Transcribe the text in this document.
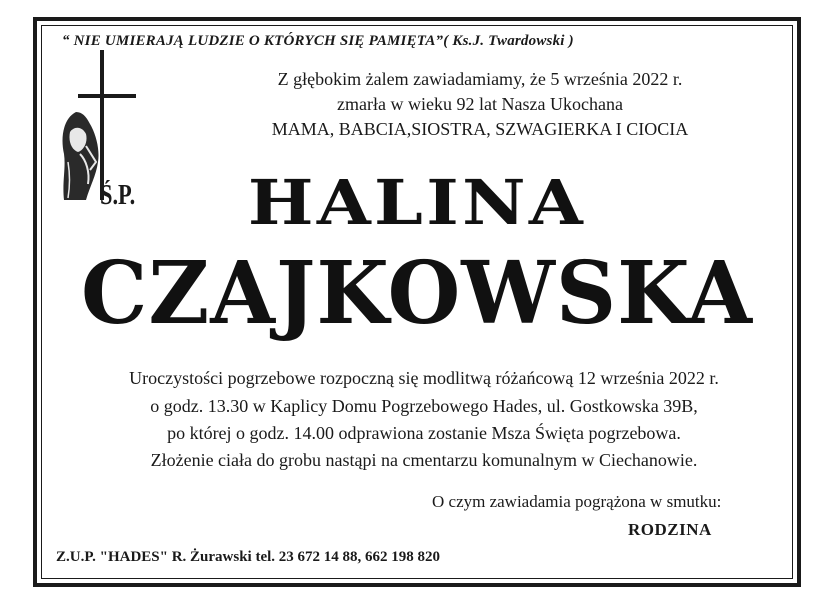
“ NIE UMIERAJĄ LUDZIE O KTÓRYCH SIĘ PAMIĘTA”( Ks.J. Twardowski )
Ś.P.
Z głębokim żalem zawiadamiamy, że 5 września 2022 r.
zmarła w wieku 92 lat Nasza Ukochana
MAMA, BABCIA,SIOSTRA, SZWAGIERKA I CIOCIA
HALINA
CZAJKOWSKA
Uroczystości pogrzebowe rozpoczną się modlitwą różańcową 12 września 2022 r.
o godz. 13.30 w Kaplicy Domu Pogrzebowego Hades, ul. Gostkowska 39B,
po której o godz. 14.00 odprawiona zostanie Msza Święta pogrzebowa.
Złożenie ciała do grobu nastąpi na cmentarzu komunalnym w Ciechanowie.
O czym zawiadamia pogrążona w smutku:
RODZINA
Z.U.P. "HADES" R. Żurawski tel. 23 672 14 88, 662 198 820
